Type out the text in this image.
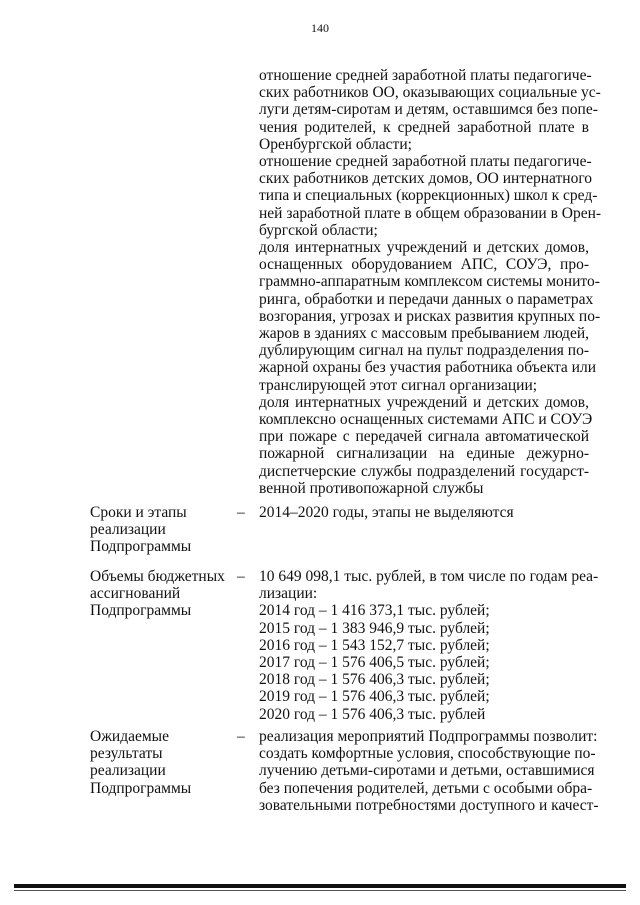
140
отношение средней заработной платы педагогиче-
ских работников ОО, оказывающих социальные ус-
луги детям-сиротам и детям, оставшимся без попе-
чения родителей, к средней заработной плате в
Оренбургской области;
отношение средней заработной платы педагогиче-
ских работников детских домов, ОО интернатного
типа и специальных (коррекционных) школ к сред-
ней заработной плате в общем образовании в Орен-
бургской области;
доля интернатных учреждений и детских домов,
оснащенных оборудованием АПС, СОУЭ, про-
граммно-аппаратным комплексом системы монито-
ринга, обработки и передачи данных о параметрах
возгорания, угрозах и рисках развития крупных по-
жаров в зданиях с массовым пребыванием людей,
дублирующим сигнал на пульт подразделения по-
жарной охраны без участия работника объекта или
транслирующей этот сигнал организации;
доля интернатных учреждений и детских домов,
комплексно оснащенных системами АПС и СОУЭ
при пожаре с передачей сигнала автоматической
пожарной сигнализации на единые дежурно-
диспетчерские службы подразделений государст-
венной противопожарной службы
Сроки и этапы
реализации
Подпрограммы
– 2014–2020 годы, этапы не выделяются
Объемы бюджетных
ассигнований
Подпрограммы
– 10 649 098,1 тыс. рублей, в том числе по годам реа-
лизации:
2014 год – 1 416 373,1 тыс. рублей;
2015 год – 1 383 946,9 тыс. рублей;
2016 год – 1 543 152,7 тыс. рублей;
2017 год – 1 576 406,5 тыс. рублей;
2018 год – 1 576 406,3 тыс. рублей;
2019 год – 1 576 406,3 тыс. рублей;
2020 год – 1 576 406,3 тыс. рублей
Ожидаемые
результаты
реализации
Подпрограммы
– реализация мероприятий Подпрограммы позволит:
создать комфортные условия, способствующие по-
лучению детьми-сиротами и детьми, оставшимися
без попечения родителей, детьми с особыми обра-
зовательными потребностями доступного и качест-
